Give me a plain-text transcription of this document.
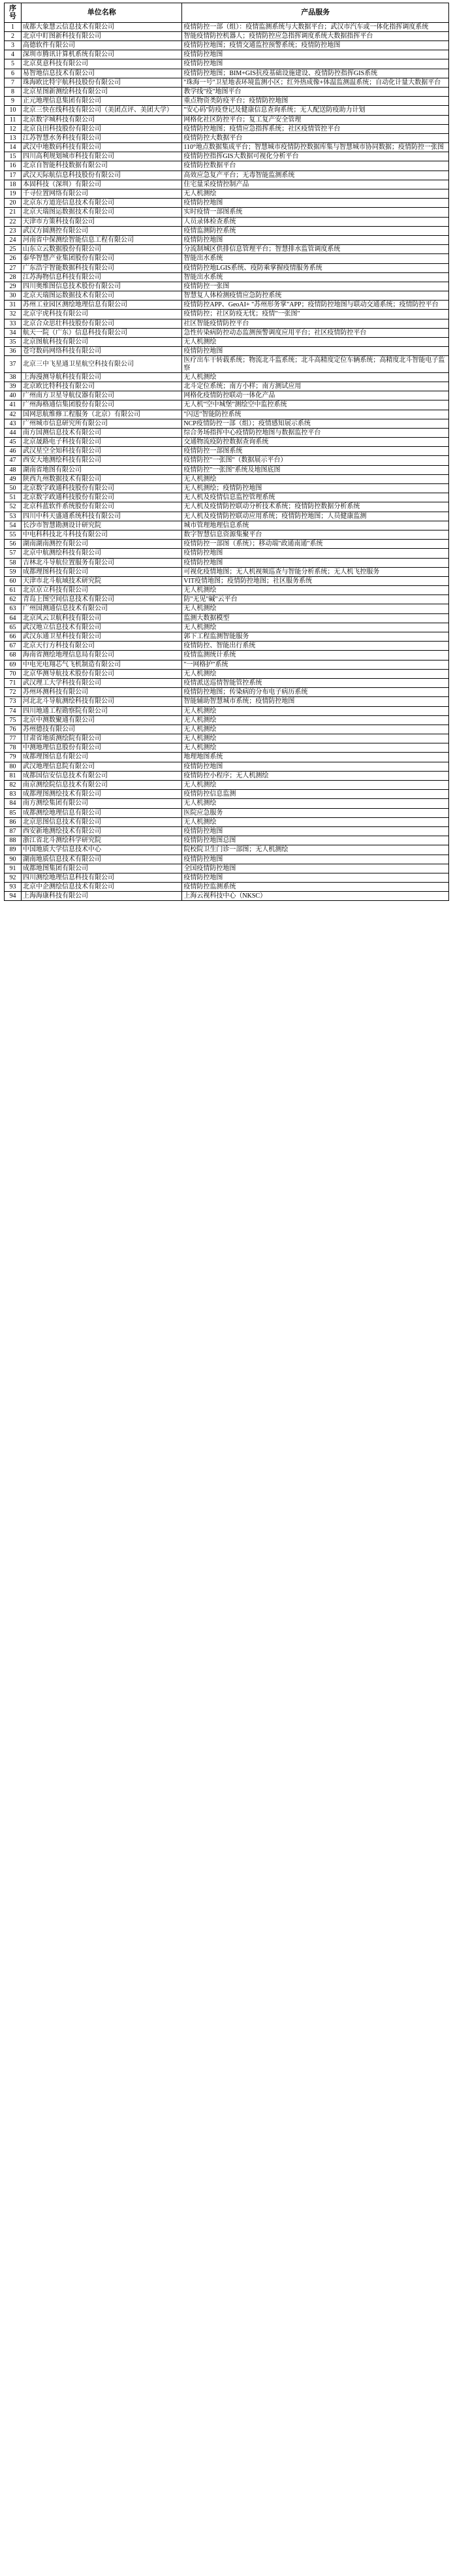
序号	单位名称	产品服务
1	成都大象慧云信息技术有限公司	疫情防控一部（组）：疫情监测系统与大数据平台；武汉市汽车或一体化指挥调度系统
2	北京中盯图新科技有限公司	智能疫情防控机器人；疫情防控应急指挥调度系统大数据指挥平台
3	高德软件有限公司	疫情防控地图；疫情交通监控预警系统；疫情防控地图
4	深圳市腾讯计算机系统有限公司	疫情防控地图
5	北京莫意科技有限公司	疫情防控地图
6	易智地信息技术有限公司	疫情防控地图；BIM+GIS抗疫基础设施建设、疫情防控指挥GIS系统
7	珠海欧比特宇航科技股份有限公司	"珠海一号"卫星地表环境监测小区；红外热成像+体温监测温系统；自动化计量大数据平台
8	北京星图新测绘科技有限公司	教学线"疫"地图平台
9	正元地理信息集团有限公司	重点物资类防疫平台；疫情防控地图
10	北京三快在线科技有限公司（美团点评、美团大学）	"安心码"防疫登记及健康信息查询系统；无人配送防疫助力计划
11	北京数字城科技有限公司	网格化社区防控平台；复工复产安全管理
12	北京良田科技股份有限公司	疫情防控地图；疫情应急指挥系统；社区疫情管控平台
13	江苏智慧水务科技有限公司	疫情防控大数据平台
14	武汉中地数码科技有限公司	110°地点数据集成平台；智慧城市疫情防控数据库集与智慧城市协同数据；疫情防控一张图
15	四川高利规划城市科技有限公司	疫情防控指挥GIS大数据可视化分析平台
16	北京自智能科技数据有限公司	疫情防控数据平台
17	武汉天际航信息科技股份有限公司	高效应急复产平台；无毒智能监测系统
18	本固科技（深圳）有限公司	住宅量采疫情控制产品
19	千寻位置网络有限公司	无人机测绘
20	北京东方道迩信息技术有限公司	疫情防控地图
21	北京天瑞图运数据技术有限公司	实时疫情一部图系统
22	天津市方策科技有限公司	人员录体检查系统
23	武汉方圆测控有限公司	疫情监测防控系统
24	河南省中保测绘智能信息工程有限公司	疫情防控地图
25	山东立云数据股份有限公司	分流制城区供排信息管理平台；智慧排水监管调度系统
26	泰华智慧产业集团股份有限公司	智能出水系统
27	广东浩宇智能数据科技有限公司	疫情防控地LGIS系统、疫防乘掌握疫情服务系统
28	江苏海物信息科技有限公司	智能出水系统
29	四川奥维图信息技术股份有限公司	疫情防控一张图
30	北京天瑞图运数据技术有限公司	智慧复人体检测疫情应急防控系统
31	苏州工业园区测绘地理信息有限公司	疫情防控APP、GeoAI+ "苏州形务掌"APP；疫情防控地图与联动交通系统；疫情防控平台
32	北京宇虎科技有限公司	疫情防控；社区防疫无忧；疫情"一张图"
33	北京合众思壮科技股份有限公司	社区智能疫情防控平台
34	航天一院（广东）信息科技有限公司	急性传染病防控动态监测预警调度应用平台；社区疫情防控平台
35	北京图航科技有限公司	无人机测绘
36	苍穹数码网络科技有限公司	疫情防控地图
37	北京三中飞星通卫星航空科技有限公司	医疗出车干转载系统；物流北斗监系统；北斗高精度定位车辆系统；高精度北斗智能电子监察
38	上海漫测导航科技有限公司	无人机测绘
39	北京欧比特科技有限公司	北斗定位系统；南方小样；南方测试应用
40	广州南方卫星导航仪器有限公司	网格化疫情防控联动一体化产品
41	广州海格通信集团股份有限公司	无人机"空中城堡"测绘空中监控系统
42	国网思航维修工程服务（北京）有限公司	"闪送"智能防控系统
43	广州城市信息研究所有限公司	NCP疫情防控一部（组）；疫情感知展示系统
44	南方国测信息技术有限公司	综合务场指挥中心疫情防控地图与数据监控平台
45	北京晟路电子科技有限公司	交通物流疫防控数据查询系统
46	武汉星空全知科技有限公司	疫情防控一部图系统
47	西安大地测绘科技有限公司	疫情防控"一张图"（数据展示平台）
48	湖南省地图有限公司	疫情防控"一张图"系统及地图底图
49	陕西九州数据技术有限公司	无人机测绘
50	北京数字政通科技股份有限公司	无人机测绘；疫情防控地图
51	北京数字政通科技股份有限公司	无人机及疫情信息监控管理系统
52	北京科蓝软件系统股份有限公司	无人机及疫情防控联动分析技术系统；疫情防控数据分析系统
53	四川中科天盛通系统科技有限公司	无人机及疫情防控联动应用系统；疫情防控地图；人员健康监测
54	长沙市智慧勘测设计研究院	城市管理地理信息系统
55	中电科科技北斗科技有限公司	数字智慧信息资源集聚平台
56	湖南湖南测控有限公司	疫情防控一部图（系统）；移动端"政通南通"系统
57	北京中航测绘科技有限公司	疫情防控地图
58	吉林北斗导航位置服务有限公司	疫情防控地图
59	成都理图科技有限公司	可视化疫情地图；无人机视频巡查与智能分析系统；无人机飞控服务
60	天津市北斗航域技术研究院	VIT疫情地图；疫情防控地图；社区服务系统
61	北京京立科技有限公司	无人机测绘
62	青岛上图空间信息技术有限公司	防"无见"碱"云平台
63	广州国测通信息技术有限公司	无人机测绘
64	北京风云卫航科技有限公司	监测大数据模型
65	武汉地立信息技术有限公司	无人机测绘
66	武汉东通卫星科技有限公司	郭下工程监测智能服务
67	北京天行方科技有限公司	疫情防控、智能出行系统
68	海南省测绘地理信息局有限公司	疫情监测统计系统
69	中电光电翔芯气飞机制造有限公司	"一网格护"系统
70	北京华测导航技术股份有限公司	无人机测绘
71	武汉理工大学科技有限公司	疫情派送巡情智能管控系统
72	苏州环测科技有限公司	疫情防控地图；传染病的分布电子病历系统
73	河北北斗导航测绘科技有限公司	智能辅助智慧城市系统；疫情防控地图
74	四川地通工程勘察院有限公司	无人机测绘
75	北京中测数聚通有限公司	无人机测绘
76	苏州德技有限公司	无人机测绘
77	甘肃省地质测绘院有限公司	无人机测绘
78	中测地理信息股份有限公司	无人机测绘
79	成都理图信息有限公司	地理地图系统
80	武汉地理信息院有限公司	疫情防控地图
81	成都国信安信息技术有限公司	疫情防控小程序；无人机测绘
82	南京测绘院信息技术有限公司	无人机测绘
83	成都理图测绘技术有限公司	疫情防控信息监测
84	南方测绘集团有限公司	无人机测绘
85	成都测绘地理信息有限公司	医院应急服务
86	北京思图信息技术有限公司	无人机测绘
87	西安新地测绘技术有限公司	疫情防控地图
88	浙江省北斗测绘科学研究院	疫情防控地图总图
89	中国地质大学信息技术中心	院校院卫生门诊一部图；无人机测绘
90	湖南地质信息技术有限公司	疫情防控地图
91	成都地图集团有限公司	全国疫情防控地图
92	四川测绘地理信息科技有限公司	疫情防控地图
93	北京中企测绘信息技术有限公司	疫情防控监测系统
94	上海海康科技有限公司	上海云视科技中心（NKSC）
